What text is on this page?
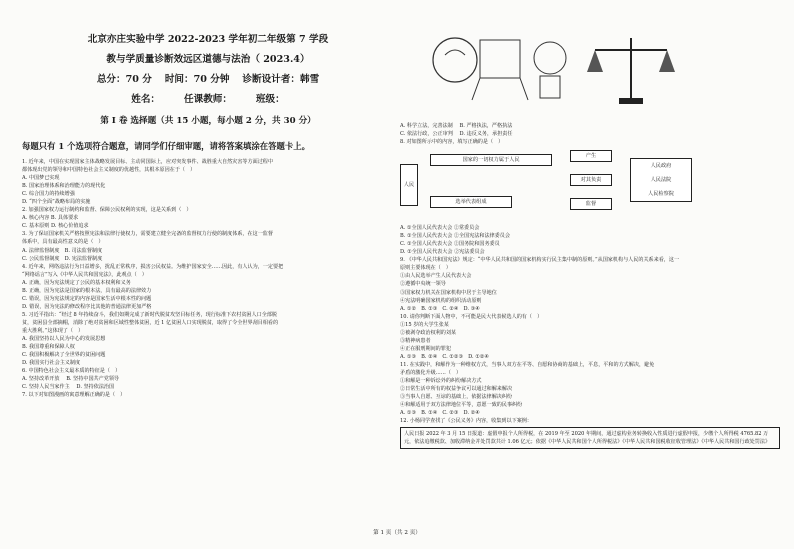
北京亦庄实验中学 2022-2023 学年初二年级第 7 学段
教与学质量诊断效远区道德与法治（ 2023.4）
总分：70 分　 时间：70 分钟　 诊断设计者：韩雪
姓名：　　　任课教师：　　　班级：
第 I 卷 选择题（共 15 小题，每小题 2 分，共 30 分）
每题只有 1 个选项符合题意，请同学们仔细审题，请将答案填涂在答题卡上。
1. 近年来，中国在实现国家主体战略发展目标、主动同国际上，应对突发事件、战胜重大自然灾害等方面过程中
都体现出党的领导和中国特色社会主义制度的优越性，其根本原因在于（　）
A. 中国梦已实现
B. 国家治理体系和治理能力的现代化
C. 综合国力的持续增强
D. “四个全面”战略布局的实施
2. 加强国家权力运行制约和监督、保障公民权利的实现，这是关系到（　）
A. 核心内容 B. 具体要求
C. 基本原则 D. 核心价值追求
3. 为了保证国家机关严格按照宪法和法律行使权力，需要建立健全完备的监督权力行使的制度体系，在这一监督
体系中，具有最高性意义的是（　）
A. 法律监督制度　B. 司法监督制度
C. 公民监督制度　D. 宪法监督制度
4. 近年来，网络违法行为日益增多，扰乱正常秩序，损害公民权益。为维护国家安全……因此，有人认为，一定要把
“网络谣言”写入《中华人民共和国宪法》，此观点（　）
A. 正确，因为宪法规定了公民的基本权利和义务
B. 正确，因为宪法是国家的根本法，具有最高的法律效力
C. 错误，因为宪法规定的内容是国家生活中根本性的问题
D. 错误，因为宪法的修改程序比其他的普通法律更加严格
5. 习近平指出：“经过 8 年持续奋斗，我们如期完成了新时代脱贫攻坚目标任务，现行标准下农村贫困人口全部脱
贫，贫困县全部摘帽，消除了绝对贫困和区域性整体贫困，近 1 亿贫困人口实现脱贫，取得了令全世界刮目相看的
重大胜利。”这体现了（　）
A. 我国坚持以人民为中心的发展思想
B. 我国尊重和保障人权
C. 我国积极解决了全世界的贫困问题
D. 我国实行社会主义制度
6. 中国特色社会主义最本质的特征是（　）
A. 坚持改革开放　 B. 坚持中国共产党领导
C. 坚持人民当家作主　 D. 坚持依法治国
7. 以下对如图漫画的寓意理解正确的是（　）
A. 科学立法，完善法制　 B. 严格执法，严格执法
C. 依法行政，公正审判　 D. 违反义务，承担责任
8. 对如图所示中的内容，填写正确的是（　）
人民
国家的一切权力属于人民
选举代表组成
产生
对其负责
监督
人民政府
人民法院
人民检察院
A. ①全国人民代表大会 ②常委员会
B. ①全国人民代表大会 ②全国宪法和法律委员会
C. ①全国人民代表大会 ②国务院和国务委员
D. ①全国人民代表大会 ②宪法委员会
9. 《中华人民共和国宪法》规定：“中华人民共和国的国家机构实行民主集中制的原则。”从国家机构与人民的关系来看，这一
原则主要体现在（　）
①由人民选举产生人民代表大会
②遵循中央统一领导
③国家权力机关在国家机构中居于主导地位
④宪法明确国家机构的组织活动原则
A. ①②　B. ①③　C. ②④　D. ③④
10. 请你判断下面人物中，不可能是民大代表候选人的有（　）
①15 岁的大学生张某
②被剥夺政治权利的刘某
③精神病患者
④正在服刑期间的罪犯
A. ①③　B. ②④　C. ①②③　D. ①②④
11. 在实践中，和解作为一种维权方式，当事人双方在平等、自愿和协商的基础上，平息，平和的方式解决，避免
矛盾的激化升级……（　）
①和解是一种诉讼外的纠纷解决方式
②日常生活中所有的权益争议可以通过和解来解决
③当事人自愿、互谅的基础上，依据法律解决纠纷
④和解适用于双方法律地位平等，意愿一致的民事纠纷
A. ①③　B. ①④　C. ②③　D. ②④
12. 小杨同学查找了《公民义务》内容，收集到以下案例：
人民日报 2022 年 3 月 15 日报道：虚假申报个人所得税，在 2019 年至 2020 年期间，通过虚构业务转换收入性质进行虚假申报，少缴个人所得税 4765.82 万元，依法追缴税款、加收滞纳金并处罚款共计 1.06 亿元；依据《中华人民共和国个人所得税法》《中华人民共和国税收征收管理法》《中华人民共和国行政处罚法》
第 1 页（共 2 页）
